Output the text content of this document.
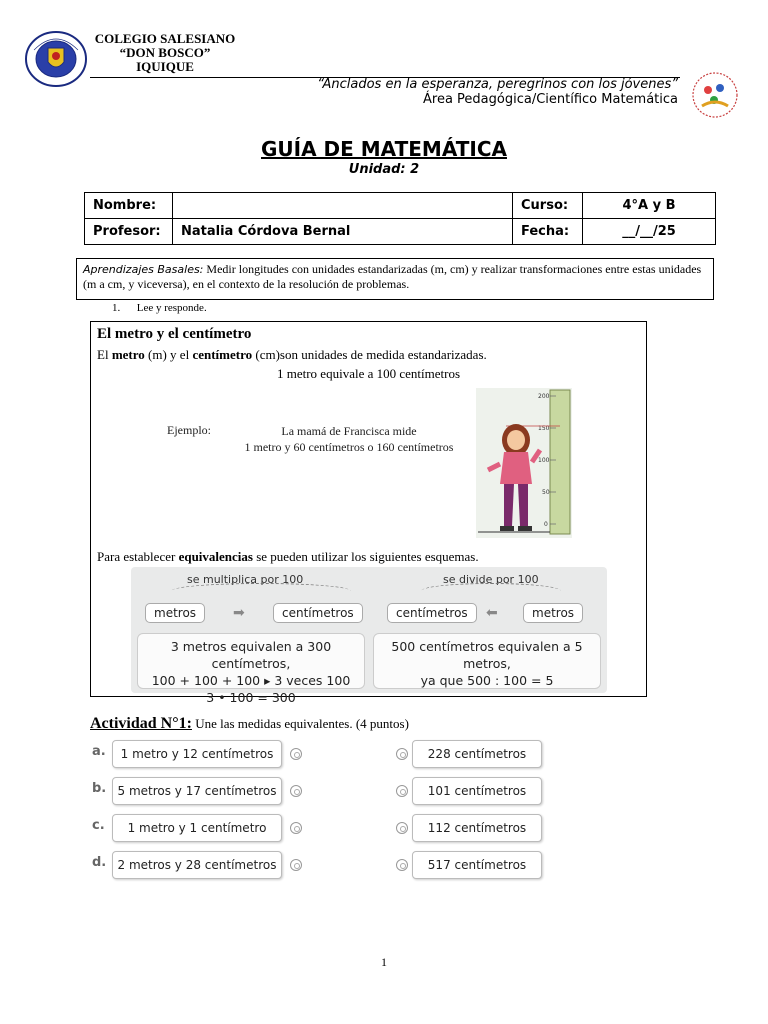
COLEGIO SALESIANO
“DON BOSCO”
IQUIQUE
“Anclados en la esperanza, peregrinos con los jóvenes”
Área Pedagógica/Científico Matemática
GUÍA DE MATEMÁTICA
Unidad: 2
Nombre:		Curso:	4°A y B
Profesor:	Natalia Córdova Bernal	Fecha:	__/__/25
Aprendizajes Basales: Medir longitudes con unidades estandarizadas (m, cm) y realizar transformaciones entre estas unidades (m a cm, y viceversa), en el contexto de la resolución de problemas.
1.      Lee y responde.
El metro y el centímetro
El metro (m) y el centímetro (cm)son unidades de medida estandarizadas.
1 metro equivale a 100 centímetros
Ejemplo:	La mamá de Francisca mide
1 metro y 60 centímetros o 160 centímetros
200
150
100
50
0
Para establecer equivalencias se pueden utilizar los siguientes esquemas.
se multiplica por 100
metros	➡	centímetros
se divide por 100
centímetros	⬅	metros
3 metros equivalen a 300 centímetros,
100 + 100 + 100 ▸ 3 veces 100
3 • 100 = 300
500 centímetros equivalen a 5 metros,
ya que 500 : 100 = 5
Actividad N°1: Une las medidas equivalentes. (4 puntos)
a.	1 metro y 12 centímetros
b. 5 metros y 17 centímetros
c.	1 metro y 1 centímetro
d. 2 metros y 28 centímetros
228 centímetros
101 centímetros
112 centímetros
517 centímetros
1
